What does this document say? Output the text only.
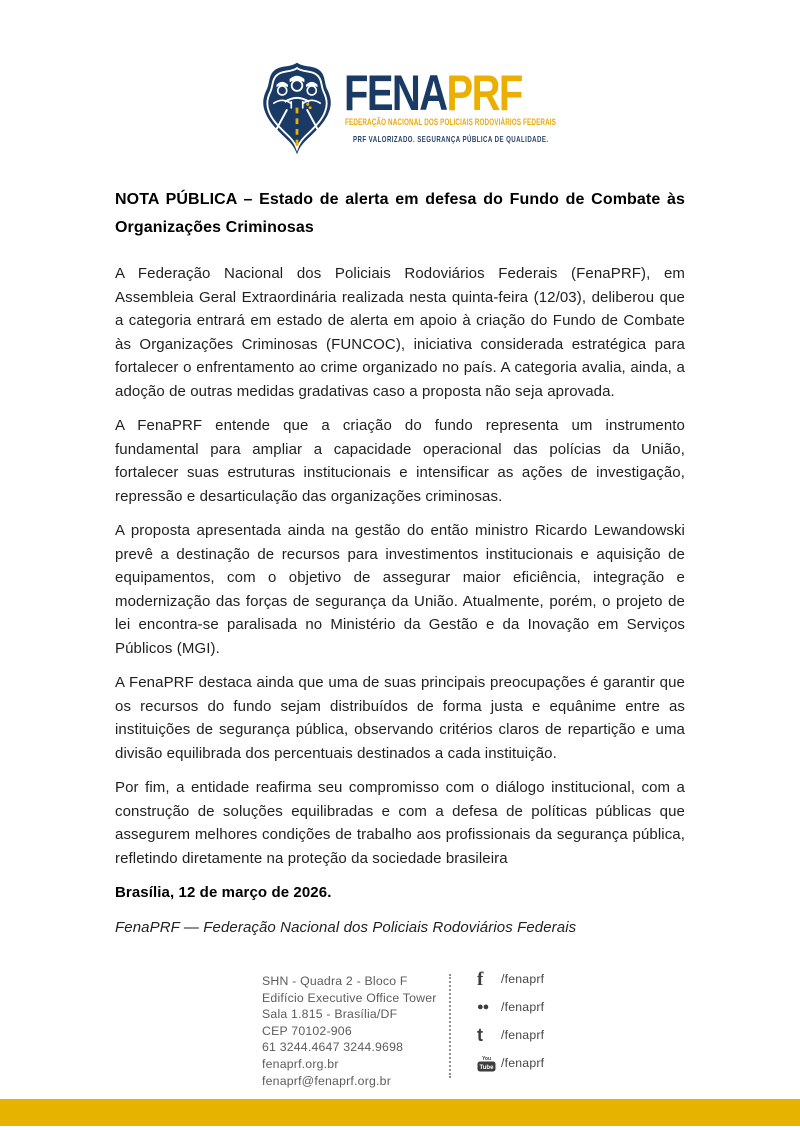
FENAPRF
FEDERAÇÃO NACIONAL DOS POLICIAIS RODOVIÁRIOS FEDERAIS
PRF VALORIZADO. SEGURANÇA PÚBLICA DE QUALIDADE.
NOTA PÚBLICA – Estado de alerta em defesa do Fundo de Combate às Organizações Criminosas

A Federação Nacional dos Policiais Rodoviários Federais (FenaPRF), em Assembleia Geral Extraordinária realizada nesta quinta-feira (12/03), deliberou que a categoria entrará em estado de alerta em apoio à criação do Fundo de Combate às Organizações Criminosas (FUNCOC), iniciativa considerada estratégica para fortalecer o enfrentamento ao crime organizado no país. A categoria avalia, ainda, a adoção de outras medidas gradativas caso a proposta não seja aprovada.

A FenaPRF entende que a criação do fundo representa um instrumento fundamental para ampliar a capacidade operacional das polícias da União, fortalecer suas estruturas institucionais e intensificar as ações de investigação, repressão e desarticulação das organizações criminosas.

A proposta apresentada ainda na gestão do então ministro Ricardo Lewandowski prevê a destinação de recursos para investimentos institucionais e aquisição de equipamentos, com o objetivo de assegurar maior eficiência, integração e modernização das forças de segurança da União. Atualmente, porém, o projeto de lei encontra-se paralisada no Ministério da Gestão e da Inovação em Serviços Públicos (MGI).

A FenaPRF destaca ainda que uma de suas principais preocupações é garantir que os recursos do fundo sejam distribuídos de forma justa e equânime entre as instituições de segurança pública, observando critérios claros de repartição e uma divisão equilibrada dos percentuais destinados a cada instituição.

Por fim, a entidade reafirma seu compromisso com o diálogo institucional, com a construção de soluções equilibradas e com a defesa de políticas públicas que assegurem melhores condições de trabalho aos profissionais da segurança pública, refletindo diretamente na proteção da sociedade brasileira

Brasília, 12 de março de 2026.

FenaPRF — Federação Nacional dos Policiais Rodoviários Federais

SHN - Quadra 2 - Bloco F
Edifício Executive Office Tower
Sala 1.815 - Brasília/DF
CEP 70102-906
61 3244.4647 3244.9698
fenaprf.org.br
fenaprf@fenaprf.org.br
f	/fenaprf
●●	/fenaprf
t	/fenaprf
You
Tube /fenaprf
